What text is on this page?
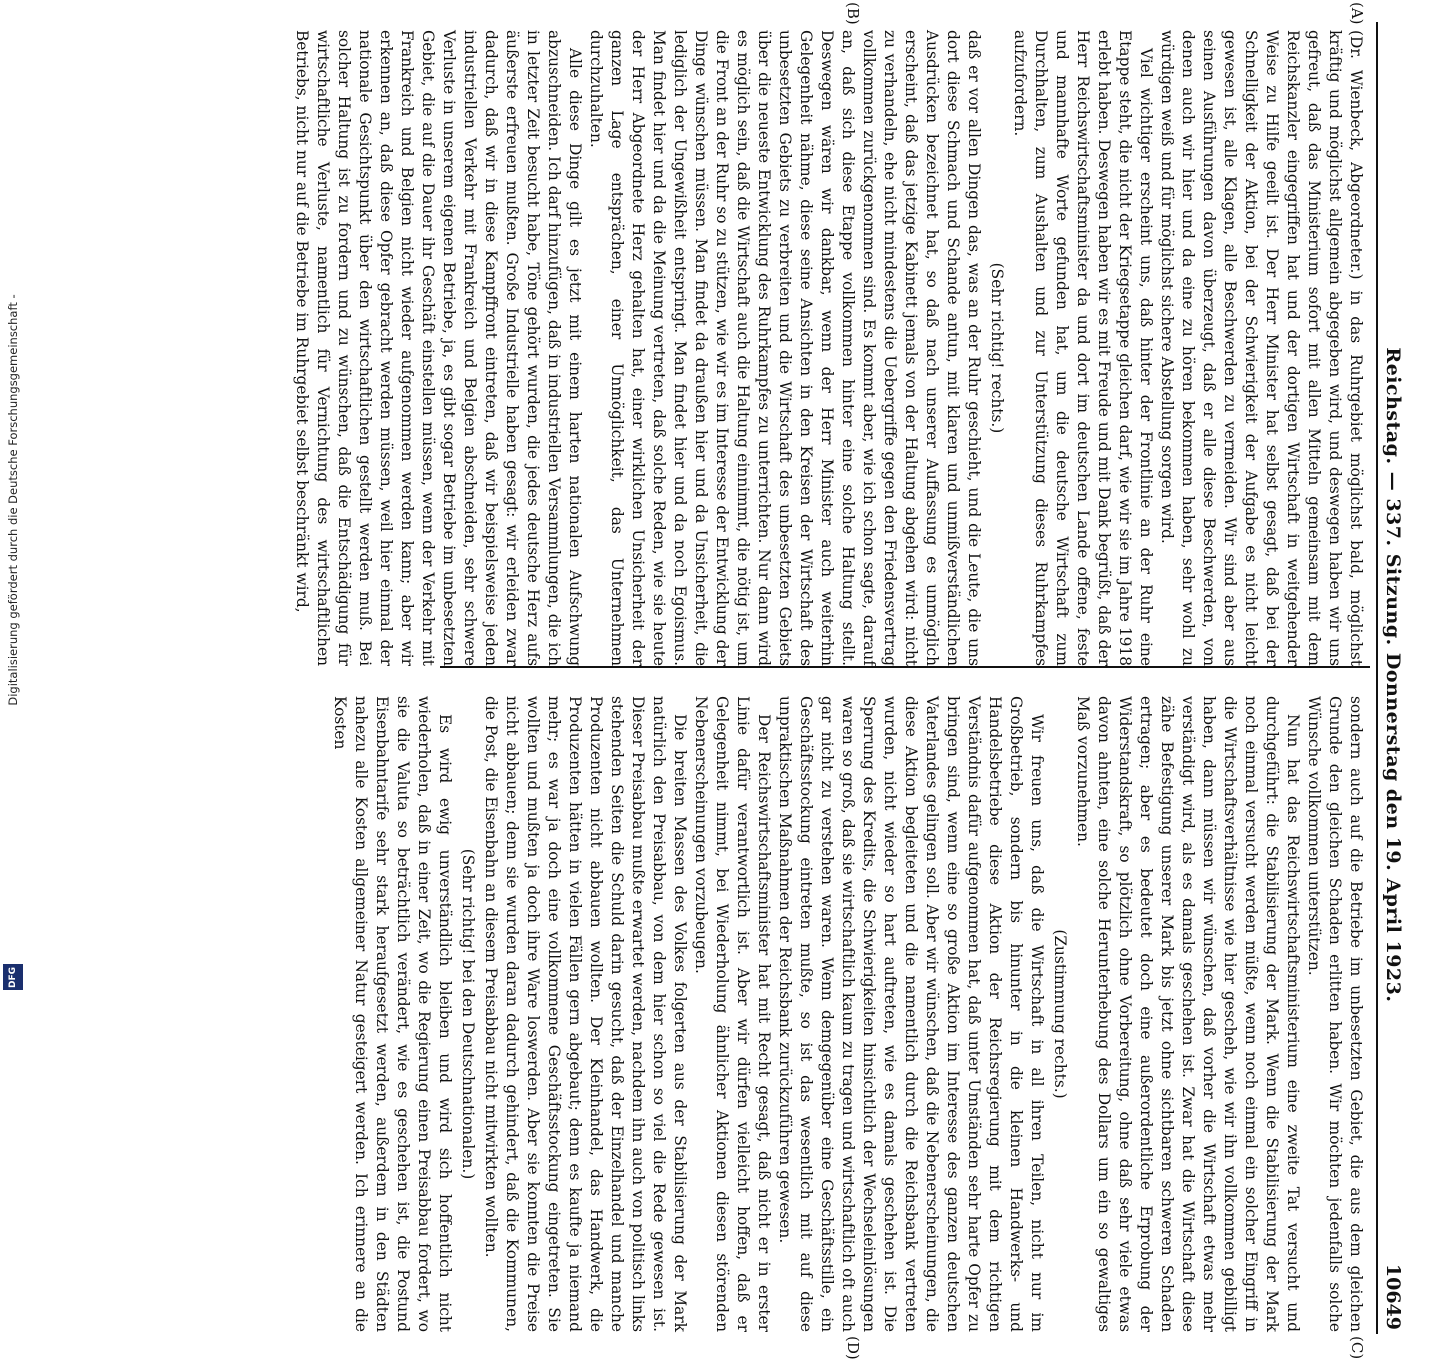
Digitalisierung gefördert durch die Deutsche Forschungsgemeinschaft -
DFG	Reichstag. — 337. Sitzung. Donnerstag den 19. April 1923.
10649
(A)
(B)
(C)
(D)

(Dr. Wienbeck, Abgeordneter.) in das Ruhrgebiet möglichst bald, möglichst kräftig und möglichst allgemein abgegeben wird, und deswegen haben wir uns gefreut, daß das Ministerium sofort mit allen Mitteln gemeinsam mit dem Reichskanzler eingegriffen hat und der dortigen Wirtschaft in weitgehender Weise zu Hilfe geeilt ist. Der Herr Minister hat selbst gesagt, daß bei der Schnelligkeit der Aktion, bei der Schwierigkeit der Aufgabe es nicht leicht gewesen ist, alle Klagen, alle Beschwerden zu vermeiden. Wir sind aber aus seinen Ausführungen davon überzeugt, daß er alle diese Beschwerden, von denen auch wir hier und da eine zu hören bekommen haben, sehr wohl zu würdigen weiß und für möglichst sichere Abstellung sorgen wird.

Viel wichtiger erscheint uns, daß hinter der Frontlinie an der Ruhr eine Etappe steht, die nicht der Kriegsetappe gleichen darf, wie wir sie im Jahre 1918 erlebt haben. Deswegen haben wir es mit Freude und mit Dank begrüßt, daß der Herr Reichswirtschaftsminister da und dort im deutschen Lande offene, feste und mannhafte Worte gefunden hat, um die deutsche Wirtschaft zum Durchhalten, zum Aushalten und zur Unterstützung dieses Ruhrkampfes aufzufordern.

(Sehr richtig! rechts.)

daß er vor allen Dingen das, was an der Ruhr geschieht, und die Leute, die uns dort diese Schmach und Schande antun, mit klaren und unmißverständlichen Ausdrücken bezeichnet hat, so daß nach unserer Auffassung es unmöglich erscheint, daß das jetzige Kabinett jemals von der Haltung abgehen wird: nicht zu verhandeln, ehe nicht mindestens die Uebergriffe gegen den Friedensvertrag vollkommen zurückgenommen sind. Es kommt aber, wie ich schon sagte, darauf an, daß sich diese Etappe vollkommen hinter eine solche Haltung stellt. Deswegen wären wir dankbar, wenn der Herr Minister auch weiterhin Gelegenheit nähme, diese seine Ansichten in den Kreisen der Wirtschaft des unbesetzten Gebiets zu verbreiten und die Wirtschaft des unbesetzten Gebiets über die neueste Entwicklung des Ruhrkampfes zu unterrichten. Nur dann wird es möglich sein, daß die Wirtschaft auch die Haltung einnimmt, die nötig ist, um die Front an der Ruhr so zu stützen, wie wir es im Interesse der Entwicklung der Dinge wünschen müssen. Man findet da draußen hier und da Unsicherheit, die lediglich der Ungewißheit entspringt. Man findet hier und da noch Egoismus. Man findet hier und da die Meinung vertreten, daß solche Reden, wie sie heute der Herr Abgeordnete Herz gehalten hat, einer wirklichen Unsicherheit der ganzen Lage entsprächen, einer Unmöglichkeit, das Unternehmen durchzuhalten.

Alle diese Dinge gilt es jetzt mit einem harten nationalen Aufschwung abzuschneiden. Ich darf hinzufügen, daß in industriellen Versammlungen, die ich in letzter Zeit besucht habe, Töne gehört wurden, die jedes deutsche Herz aufs äußerste erfreuen mußten. Große Industrielle haben gesagt: wir erleiden zwar dadurch, daß wir in diese Kampffront eintreten, daß wir beispielsweise jeden industriellen Verkehr mit Frankreich und Belgien abschneiden, sehr schwere Verluste in unserem eigenen Betriebe, ja, es gibt sogar Betriebe im unbesetzten Gebiet, die auf die Dauer ihr Geschäft einstellen müssen, wenn der Verkehr mit Frankreich und Belgien nicht wieder aufgenommen werden kann; aber wir erkennen an, daß diese Opfer gebracht werden müssen, weil hier einmal der nationale Gesichtspunkt über den wirtschaftlichen gestellt werden muß. Bei solcher Haltung ist zu fordern und zu wünschen, daß die Entschädigung für wirtschaftliche Verluste, namentlich für Vernichtung des wirtschaftlichen Betriebs, nicht nur auf die Betriebe im Ruhrgebiet selbst beschränkt wird,

sondern auch auf die Betriebe im unbesetzten Gebiet, die aus dem gleichen Grunde den gleichen Schaden erlitten haben. Wir möchten jedenfalls solche Wünsche vollkommen unterstützen.

Nun hat das Reichswirtschaftsministerium eine zweite Tat versucht und durchgeführt: die Stabilisierung der Mark. Wenn die Stabilisierung der Mark noch einmal versucht werden müßte, wenn noch einmal ein solcher Eingriff in die Wirtschaftsverhältnisse wie hier gescheh, wie wir ihn vollkommen gebilligt haben, dann müssen wir wünschen, daß vorher die Wirtschaft etwas mehr verständigt wird, als es damals geschehen ist. Zwar hat die Wirtschaft diese zähe Befestigung unserer Mark bis jetzt ohne sichtbaren schweren Schaden ertragen; aber es bedeutet doch eine außerordentliche Erprobung der Widerstandskraft, so plötzlich ohne Vorbereitung, ohne daß sehr viele etwas davon ahnten, eine solche Herunterhebung des Dollars um ein so gewaltiges Maß vorzunehmen.

(Zustimmung rechts.)

Wir freuen uns, daß die Wirtschaft in all ihren Teilen, nicht nur im Großbetrieb, sondern bis hinunter in die kleinen Handwerks- und Handelsbetriebe diese Aktion der Reichsregierung mit dem richtigen Verständnis dafür aufgenommen hat, daß unter Umständen sehr harte Opfer zu bringen sind, wenn eine so große Aktion im Interesse des ganzen deutschen Vaterlandes gelingen soll. Aber wir wünschen, daß die Nebenerscheinungen, die diese Aktion begleiteten und die namentlich durch die Reichsbank vertreten wurden, nicht wieder so hart auftreten, wie es damals geschehen ist. Die Sperrung des Kredits, die Schwierigkeiten hinsichtlich der Wechseleinlösungen waren so groß, daß sie wirtschaftlich kaum zu tragen und wirtschaftlich oft auch gar nicht zu verstehen waren. Wenn demgegenüber eine Geschäftsstille, ein Geschäftsstockung eintreten mußte, so ist das wesentlich mit auf diese unpraktischen Maßnahmen der Reichsbank zurückzuführen gewesen.

Der Reichswirtschaftsminister hat mit Recht gesagt, daß nicht er in erster Linie dafür verantwortlich ist. Aber wir dürfen vielleicht hoffen, daß er Gelegenheit nimmt, bei Wiederholung ähnlicher Aktionen diesen störenden Nebenerscheinungen vorzubeugen.

Die breiten Massen des Volkes folgerten aus der Stabilisierung der Mark natürlich den Preisabbau, von dem hier schon so viel die Rede gewesen ist. Dieser Preisabbau mußte erwartet werden, nachdem ihn auch von politisch links stehenden Seiten die Schuld darin gesucht, daß der Einzelhandel und manche Produzenten nicht abbauen wollten. Der Kleinhandel, das Handwerk, die Produzenten hätten in vielen Fällen gern abgebaut; denn es kaufte ja niemand mehr; es war ja doch eine vollkommene Geschäftsstockung eingetreten. Sie wollten und mußten ja doch ihre Ware loswerden. Aber sie konnten die Preise nicht abbauen; denn sie wurden daran dadurch gehindert, daß die Kommunen, die Post, die Eisenbahn an diesem Preisabbau nicht mitwirkten wollten.

(Sehr richtig! bei den Deutschnationalen.)

Es wird ewig unverständlich bleiben und wird sich hoffentlich nicht wiederholen, daß in einer Zeit, wo die Regierung einen Preisabbau fordert, wo sie die Valuta so beträchtlich verändert, wie es geschehen ist, die Postund Eisenbahntarife sehr stark heraufgesetzt werden, außerdem in den Städten nahezu alle Kosten allgemeiner Natur gesteigert werden. Ich erinnere an die Kosten
